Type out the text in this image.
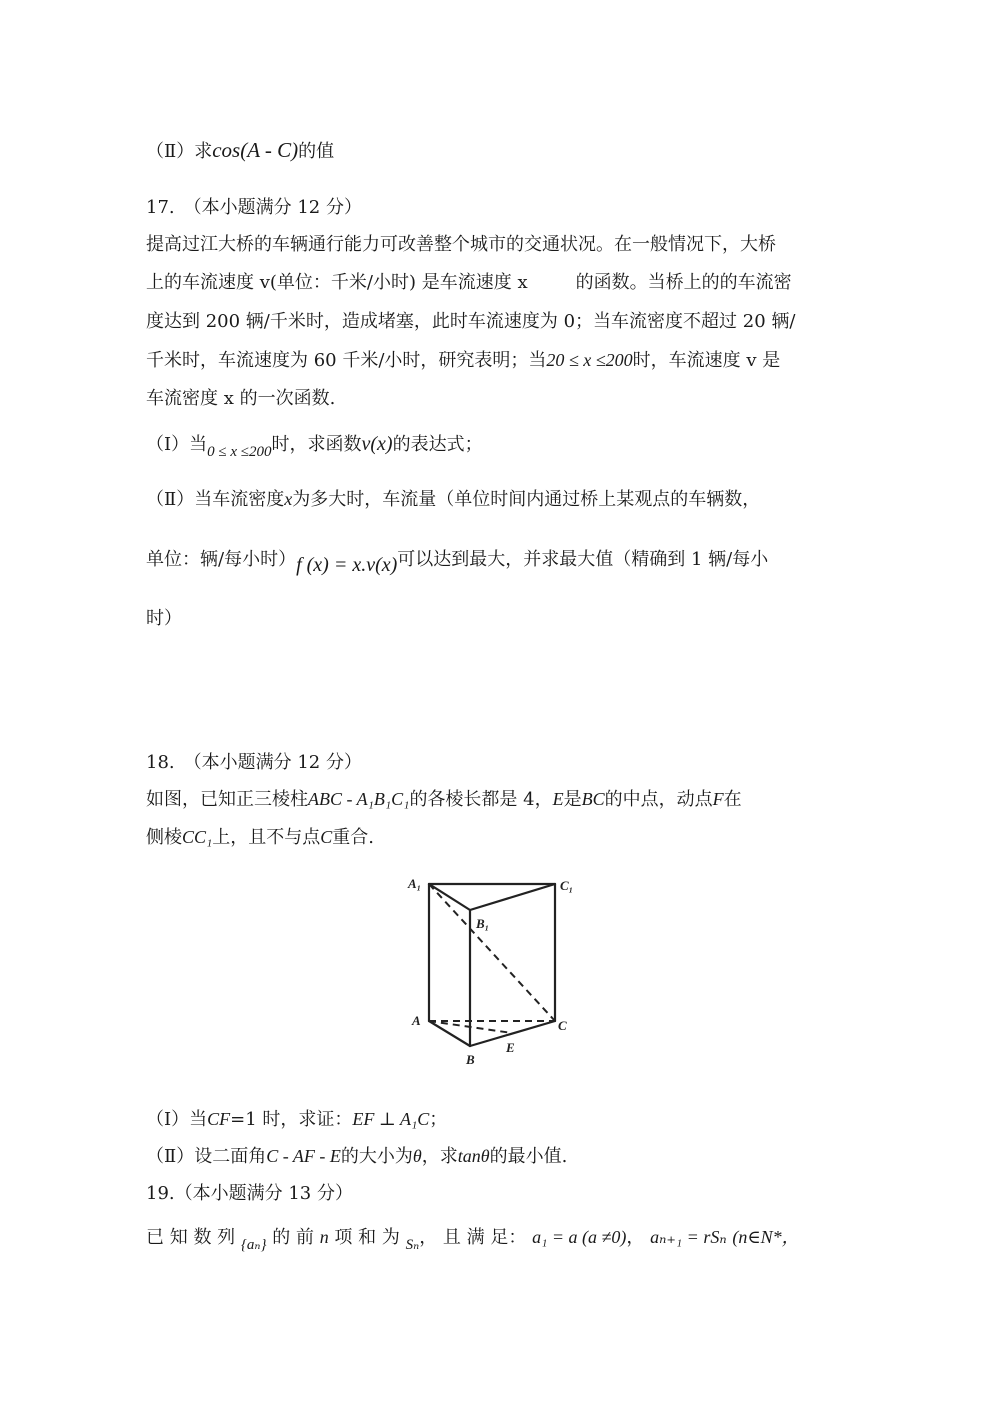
（Ⅱ）求cos(A - C)的值
17.　（本小题满分 12 分）
提高过江大桥的车辆通行能力可改善整个城市的交通状况。在一般情况下，大桥
上的车流速度 v(单位：千米/小时) 是车流速度 x	的函数。当桥上的的车流密
度达到 200 辆/千米时，造成堵塞，此时车流速度为 0；当车流密度不超过 20 辆/
千米时，车流速度为 60 千米/小时，研究表明；当20 ≤ x ≤200时，车流速度 v 是
车流密度 x 的一次函数.
（Ⅰ）当$_{0 \le x \le 200}$时，求函数v(x)的表达式；
（Ⅱ）当车流密度x为多大时，车流量（单位时间内通过桥上某观点的车辆数，
单位：辆/每小时）f (x) = x.v(x)可以达到最大，并求最大值（精确到 1 辆/每小
时）
18.　（本小题满分 12 分）
如图，已知正三棱柱ABC - A₁B₁C₁的各棱长都是 4，E是BC的中点，动点F在
侧棱CC₁上，且不与点C重合.
A₁	C₁
B₁
A	C
B
E
（Ⅰ）当CF=1 时，求证：EF ⊥ A₁C；
（Ⅱ）设二面角C - AF - E的大小为θ，求tanθ的最小值.
19.（本小题满分 13 分）
已 知 数 列 $_{\{a_n\}}$ 的 前 n 项 和 为 $_{S_n}$， 且 满 足： a₁ = a (a ≠0)， aₙ₊₁ = rSₙ (n∈N*，
